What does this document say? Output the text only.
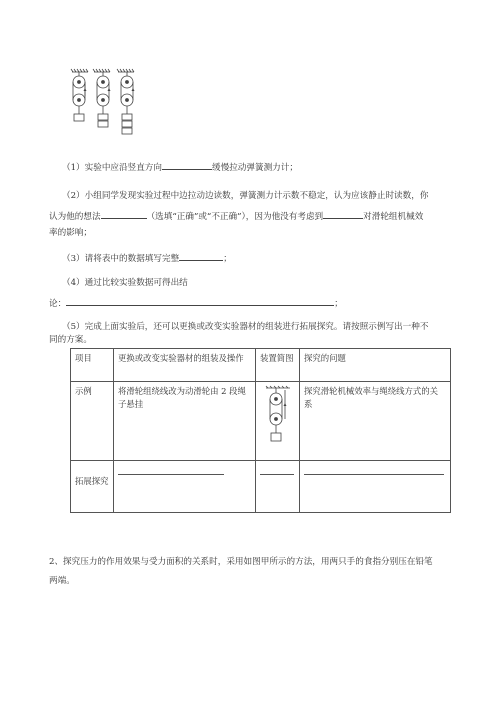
（1）实验中应沿竖直方向	缓慢拉动弹簧测力计；
（2）小组同学发现实验过程中边拉动边读数，弹簧测力计示数不稳定，认为应该静止时读数，你
认为他的想法	（选填“正确”或“不正确”），因为他没有考虑到	对滑轮组机械效
率的影响；
（3）请将表中的数据填写完整	；
（4）通过比较实验数据可得出结
论：	；
（5）完成上面实验后，还可以更换或改变实验器材的组装进行拓展探究。请按照示例写出一种不
同的方案。
项目	更换或改变实验器材的组装及操作	装置简图	探究的问题
示例	将滑轮组绕线改为动滑轮由 2 段绳子悬挂		探究滑轮机械效率与绳绕线方式的关系
拓展探究	

2、探究压力的作用效果与受力面积的关系时，采用如图甲所示的方法，用两只手的食指分别压在铅笔
两端。
